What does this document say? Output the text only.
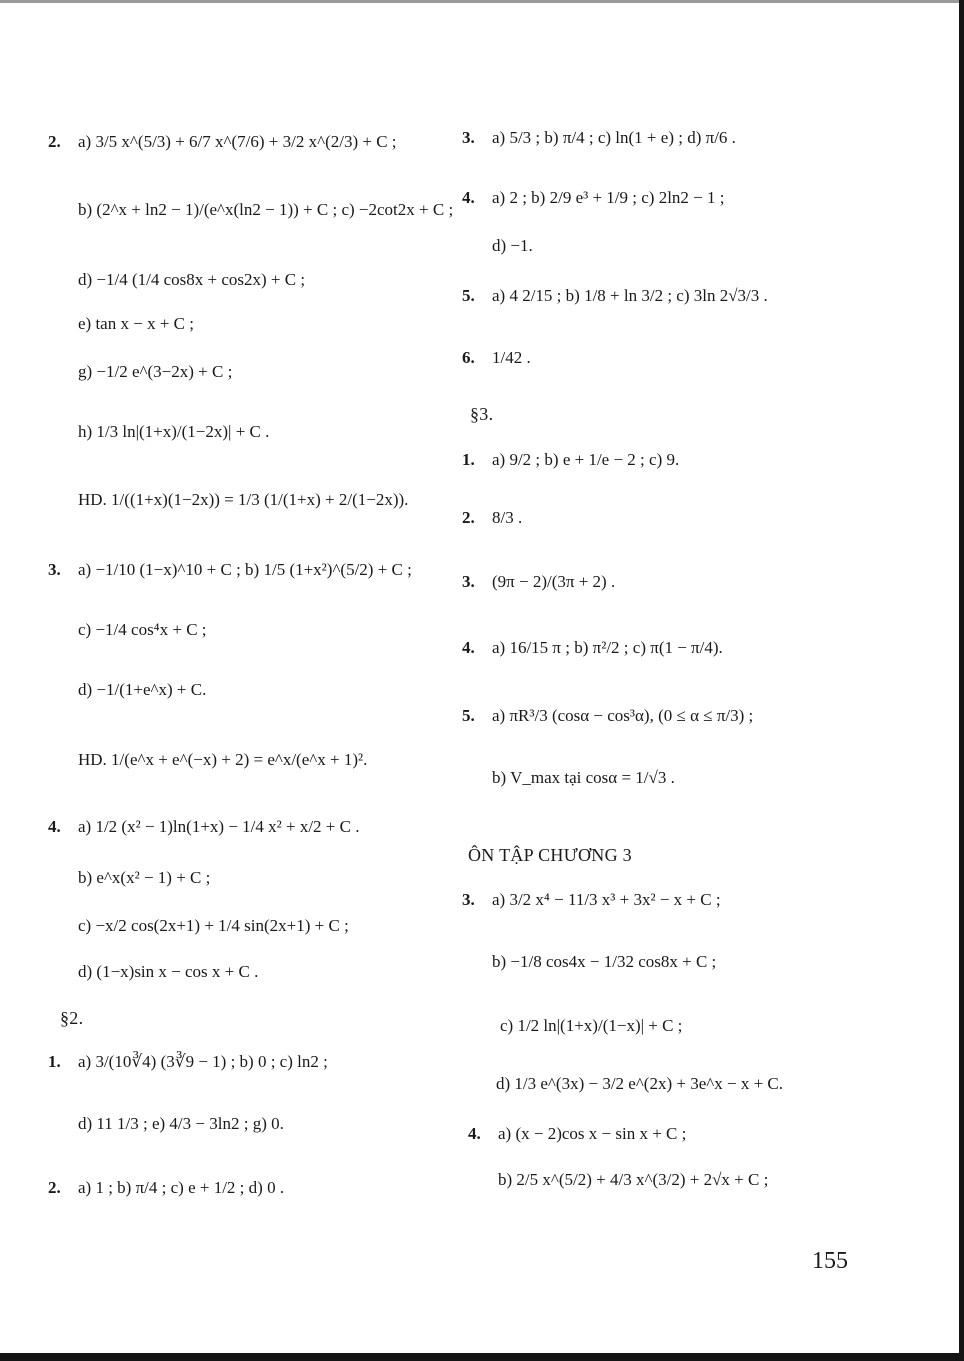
2. a) 3/5 x^(5/3) + 6/7 x^(7/6) + 3/2 x^(2/3) + C ;
b) (2^x + ln2 − 1)/(e^x(ln2 − 1)) + C ; c) −2cot2x + C ;
d) −1/4 (1/4 cos8x + cos2x) + C ;
e) tan x − x + C ;
g) −1/2 e^(3−2x) + C ;
h) 1/3 ln|(1+x)/(1−2x)| + C .
HD. 1/((1+x)(1−2x)) = 1/3 (1/(1+x) + 2/(1−2x)).
3. a) −1/10 (1−x)^10 + C ; b) 1/5 (1+x²)^(5/2) + C ;
c) −1/4 cos⁴x + C ;
d) −1/(1+e^x) + C.
HD. 1/(e^x + e^(−x) + 2) = e^x/(e^x + 1)².
4. a) 1/2 (x² − 1)ln(1+x) − 1/4 x² + x/2 + C .
b) e^x(x² − 1) + C ;
c) −x/2 cos(2x+1) + 1/4 sin(2x+1) + C ;
d) (1−x)sin x − cos x + C .
§2.
1. a) 3/(10∛4) (3∛9 − 1) ; b) 0 ; c) ln2 ;
d) 11 1/3 ; e) 4/3 − 3ln2 ; g) 0.
2. a) 1 ; b) π/4 ; c) e + 1/2 ; d) 0 .
3. a) 5/3 ; b) π/4 ; c) ln(1 + e) ; d) π/6 .
4. a) 2 ; b) 2/9 e³ + 1/9 ; c) 2ln2 − 1 ;
d) −1.
5. a) 4 2/15 ; b) 1/8 + ln 3/2 ; c) 3ln 2√3/3 .
6. 1/42 .
§3.
1. a) 9/2 ; b) e + 1/e − 2 ; c) 9.
2. 8/3 .
3. (9π − 2)/(3π + 2) .
4. a) 16/15 π ; b) π²/2 ; c) π(1 − π/4).
5. a) πR³/3 (cosα − cos³α), (0 ≤ α ≤ π/3) ;
b) V_max tại cosα = 1/√3 .
ÔN TẬP CHƯƠNG 3
3. a) 3/2 x⁴ − 11/3 x³ + 3x² − x + C ;
b) −1/8 cos4x − 1/32 cos8x + C ;
c) 1/2 ln|(1+x)/(1−x)| + C ;
d) 1/3 e^(3x) − 3/2 e^(2x) + 3e^x − x + C.
4. a) (x − 2)cos x − sin x + C ;
b) 2/5 x^(5/2) + 4/3 x^(3/2) + 2√x + C ;
155
